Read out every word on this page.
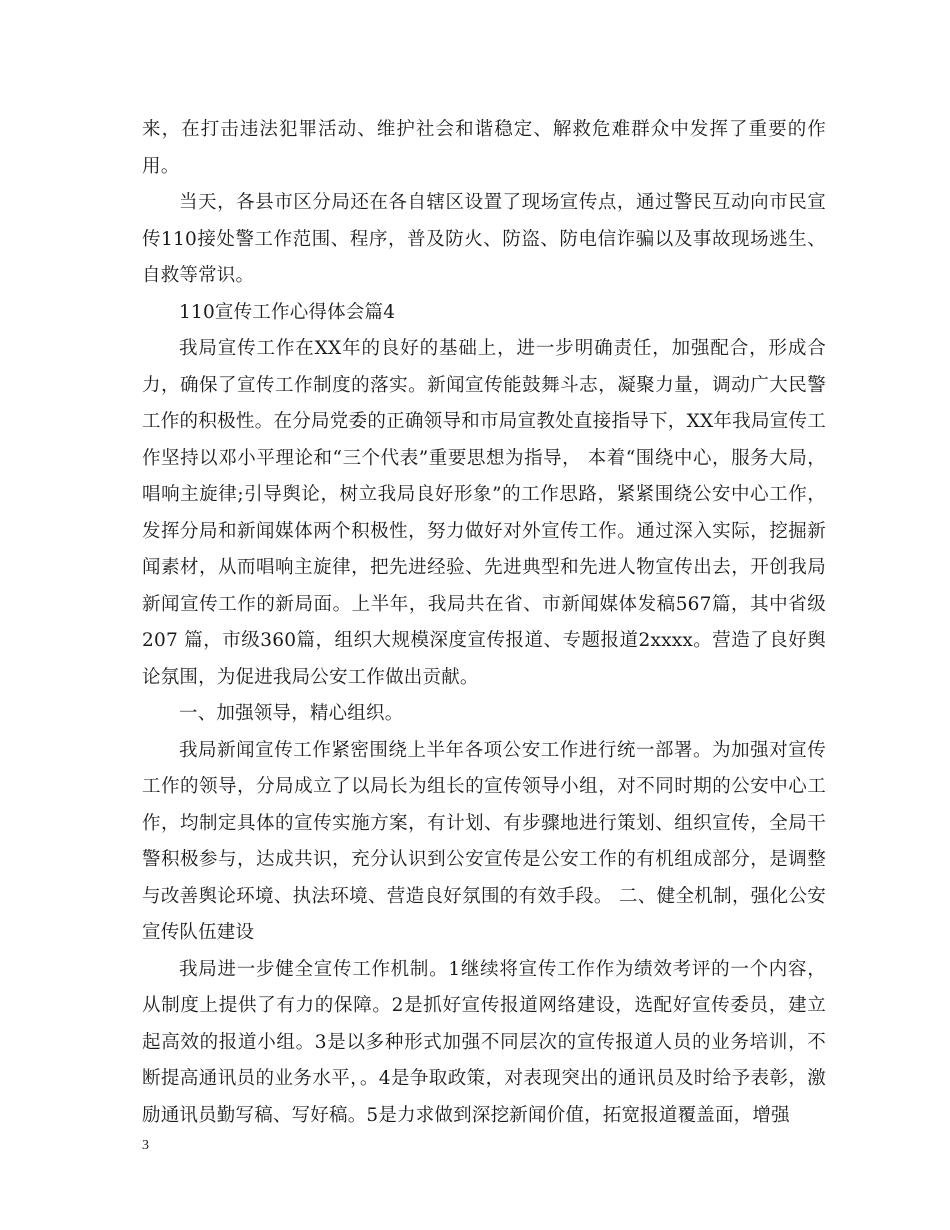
来，在打击违法犯罪活动、维护社会和谐稳定、解救危难群众中发挥了重要的作用。

当天，各县市区分局还在各自辖区设置了现场宣传点，通过警民互动向市民宣传110接处警工作范围、程序，普及防火、防盗、防电信诈骗以及事故现场逃生、自救等常识。

110宣传工作心得体会篇4

我局宣传工作在XX年的良好的基础上，进一步明确责任，加强配合，形成合力，确保了宣传工作制度的落实。新闻宣传能鼓舞斗志，凝聚力量，调动广大民警工作的积极性。在分局党委的正确领导和市局宣教处直接指导下，XX年我局宣传工作坚持以邓小平理论和“三个代表”重要思想为指导， 本着“围绕中心，服务大局，唱响主旋律;引导舆论，树立我局良好形象”的工作思路，紧紧围绕公安中心工作，发挥分局和新闻媒体两个积极性，努力做好对外宣传工作。通过深入实际，挖掘新闻素材，从而唱响主旋律，把先进经验、先进典型和先进人物宣传出去，开创我局新闻宣传工作的新局面。上半年，我局共在省、市新闻媒体发稿567篇，其中省级 207 篇，市级360篇，组织大规模深度宣传报道、专题报道2xxxx。营造了良好舆论氛围，为促进我局公安工作做出贡献。

一、加强领导，精心组织。

我局新闻宣传工作紧密围绕上半年各项公安工作进行统一部署。为加强对宣传工作的领导，分局成立了以局长为组长的宣传领导小组，对不同时期的公安中心工作，均制定具体的宣传实施方案，有计划、有步骤地进行策划、组织宣传，全局干警积极参与，达成共识，充分认识到公安宣传是公安工作的有机组成部分，是调整与改善舆论环境、执法环境、营造良好氛围的有效手段。 二、健全机制，强化公安宣传队伍建设

我局进一步健全宣传工作机制。1继续将宣传工作作为绩效考评的一个内容，从制度上提供了有力的保障。2是抓好宣传报道网络建设，选配好宣传委员，建立起高效的报道小组。3是以多种形式加强不同层次的宣传报道人员的业务培训，不断提高通讯员的业务水平，。4是争取政策，对表现突出的通讯员及时给予表彰，激励通讯员勤写稿、写好稿。5是力求做到深挖新闻价值，拓宽报道覆盖面，增强

3
